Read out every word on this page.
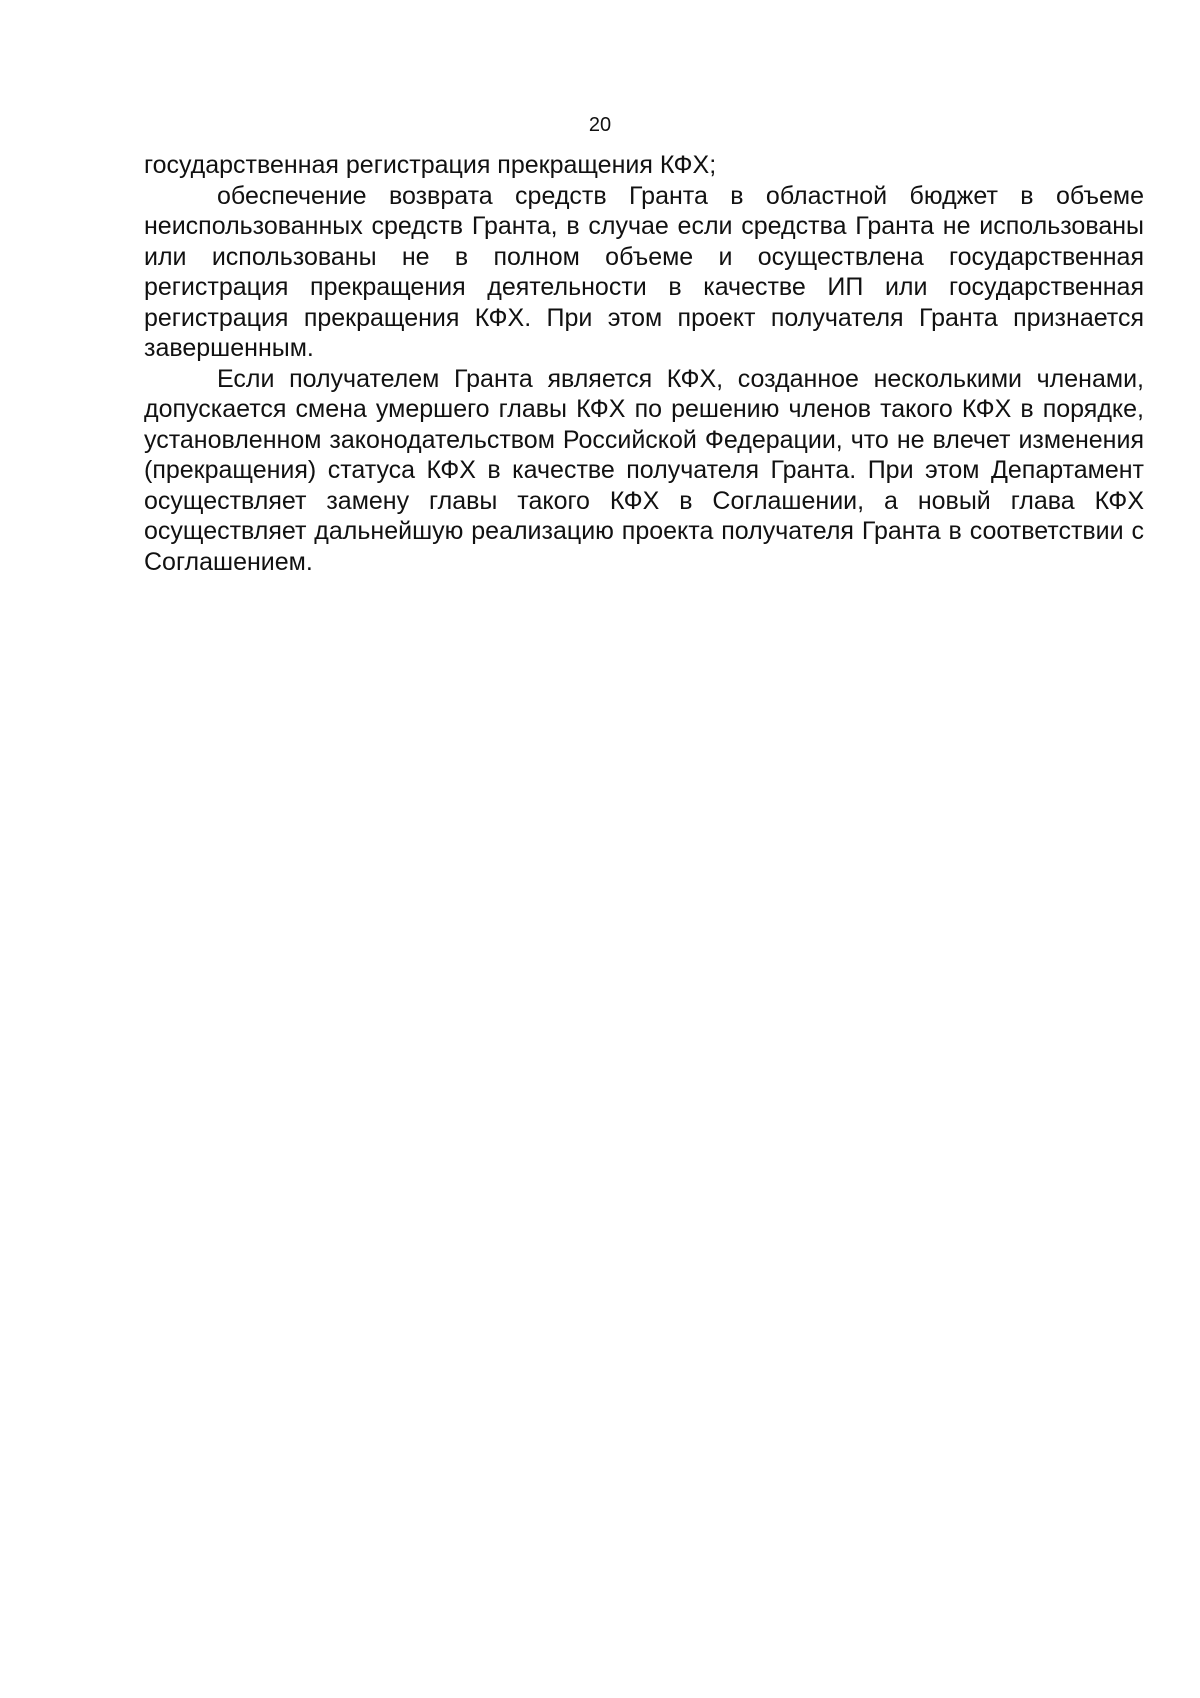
20

государственная регистрация прекращения КФХ;

обеспечение возврата средств Гранта в областной бюджет в объеме неиспользованных средств Гранта, в случае если средства Гранта не использованы или использованы не в полном объеме и осуществлена государственная регистрация прекращения деятельности в качестве ИП или государственная регистрация прекращения КФХ. При этом проект получателя Гранта признается завершенным.

Если получателем Гранта является КФХ, созданное несколькими членами, допускается смена умершего главы КФХ по решению членов такого КФХ в порядке, установленном законодательством Российской Федерации, что не влечет изменения (прекращения) статуса КФХ в качестве получателя Гранта. При этом Департамент осуществляет замену главы такого КФХ в Соглашении, а новый глава КФХ осуществляет дальнейшую реализацию проекта получателя Гранта в соответствии с Соглашением.
